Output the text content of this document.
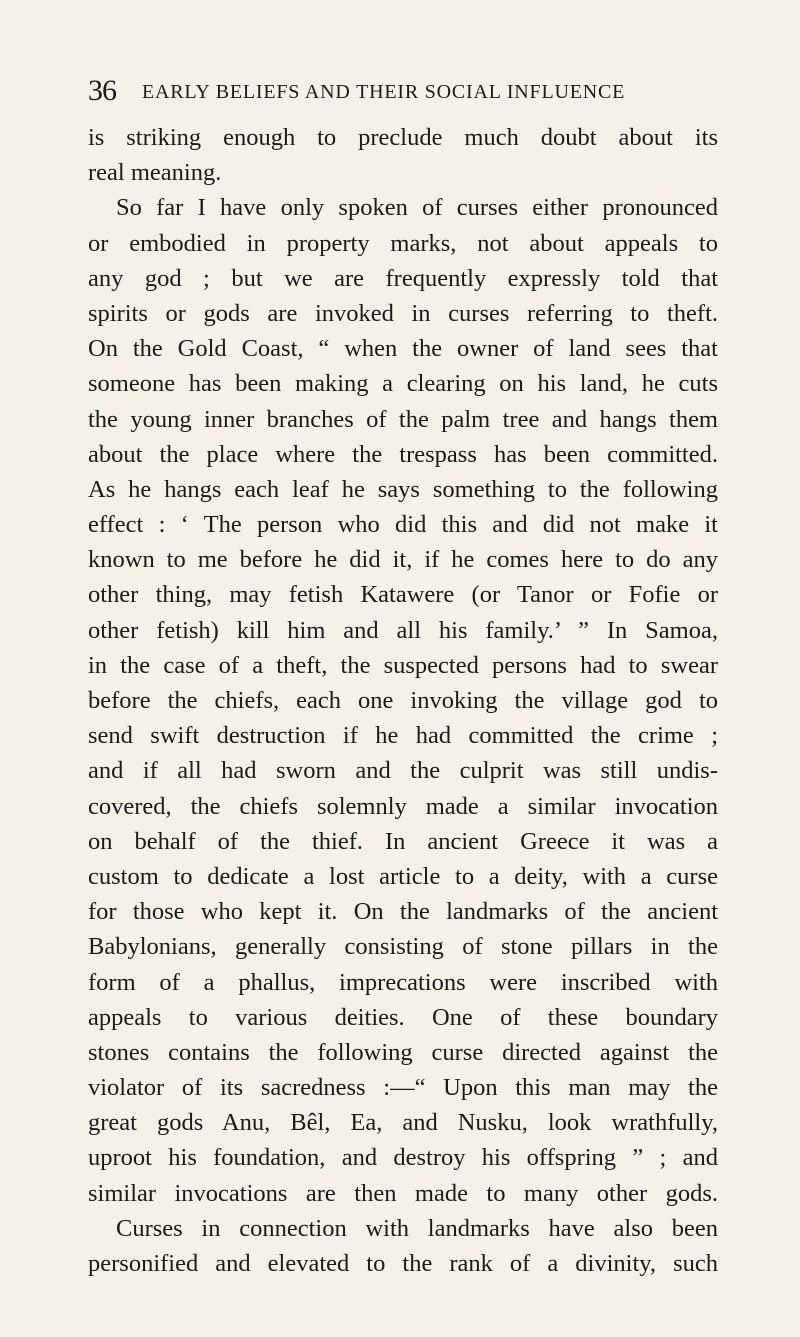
36 EARLY BELIEFS AND THEIR SOCIAL INFLUENCE
is striking enough to preclude much doubt about its
real meaning.
So far I have only spoken of curses either pronounced
or embodied in property marks, not about appeals to
any god ; but we are frequently expressly told that
spirits or gods are invoked in curses referring to theft.
On the Gold Coast, “ when the owner of land sees that
someone has been making a clearing on his land, he cuts
the young inner branches of the palm tree and hangs them
about the place where the trespass has been committed.
As he hangs each leaf he says something to the following
effect : ‘ The person who did this and did not make it
known to me before he did it, if he comes here to do any
other thing, may fetish Katawere (or Tanor or Fofie or
other fetish) kill him and all his family.’ ” In Samoa,
in the case of a theft, the suspected persons had to swear
before the chiefs, each one invoking the village god to
send swift destruction if he had committed the crime ;
and if all had sworn and the culprit was still undis-
covered, the chiefs solemnly made a similar invocation
on behalf of the thief. In ancient Greece it was a
custom to dedicate a lost article to a deity, with a curse
for those who kept it. On the landmarks of the ancient
Babylonians, generally consisting of stone pillars in the
form of a phallus, imprecations were inscribed with
appeals to various deities. One of these boundary
stones contains the following curse directed against the
violator of its sacredness :—“ Upon this man may the
great gods Anu, Bêl, Ea, and Nusku, look wrathfully,
uproot his foundation, and destroy his offspring ” ; and
similar invocations are then made to many other gods.
Curses in connection with landmarks have also been
personified and elevated to the rank of a divinity, such
